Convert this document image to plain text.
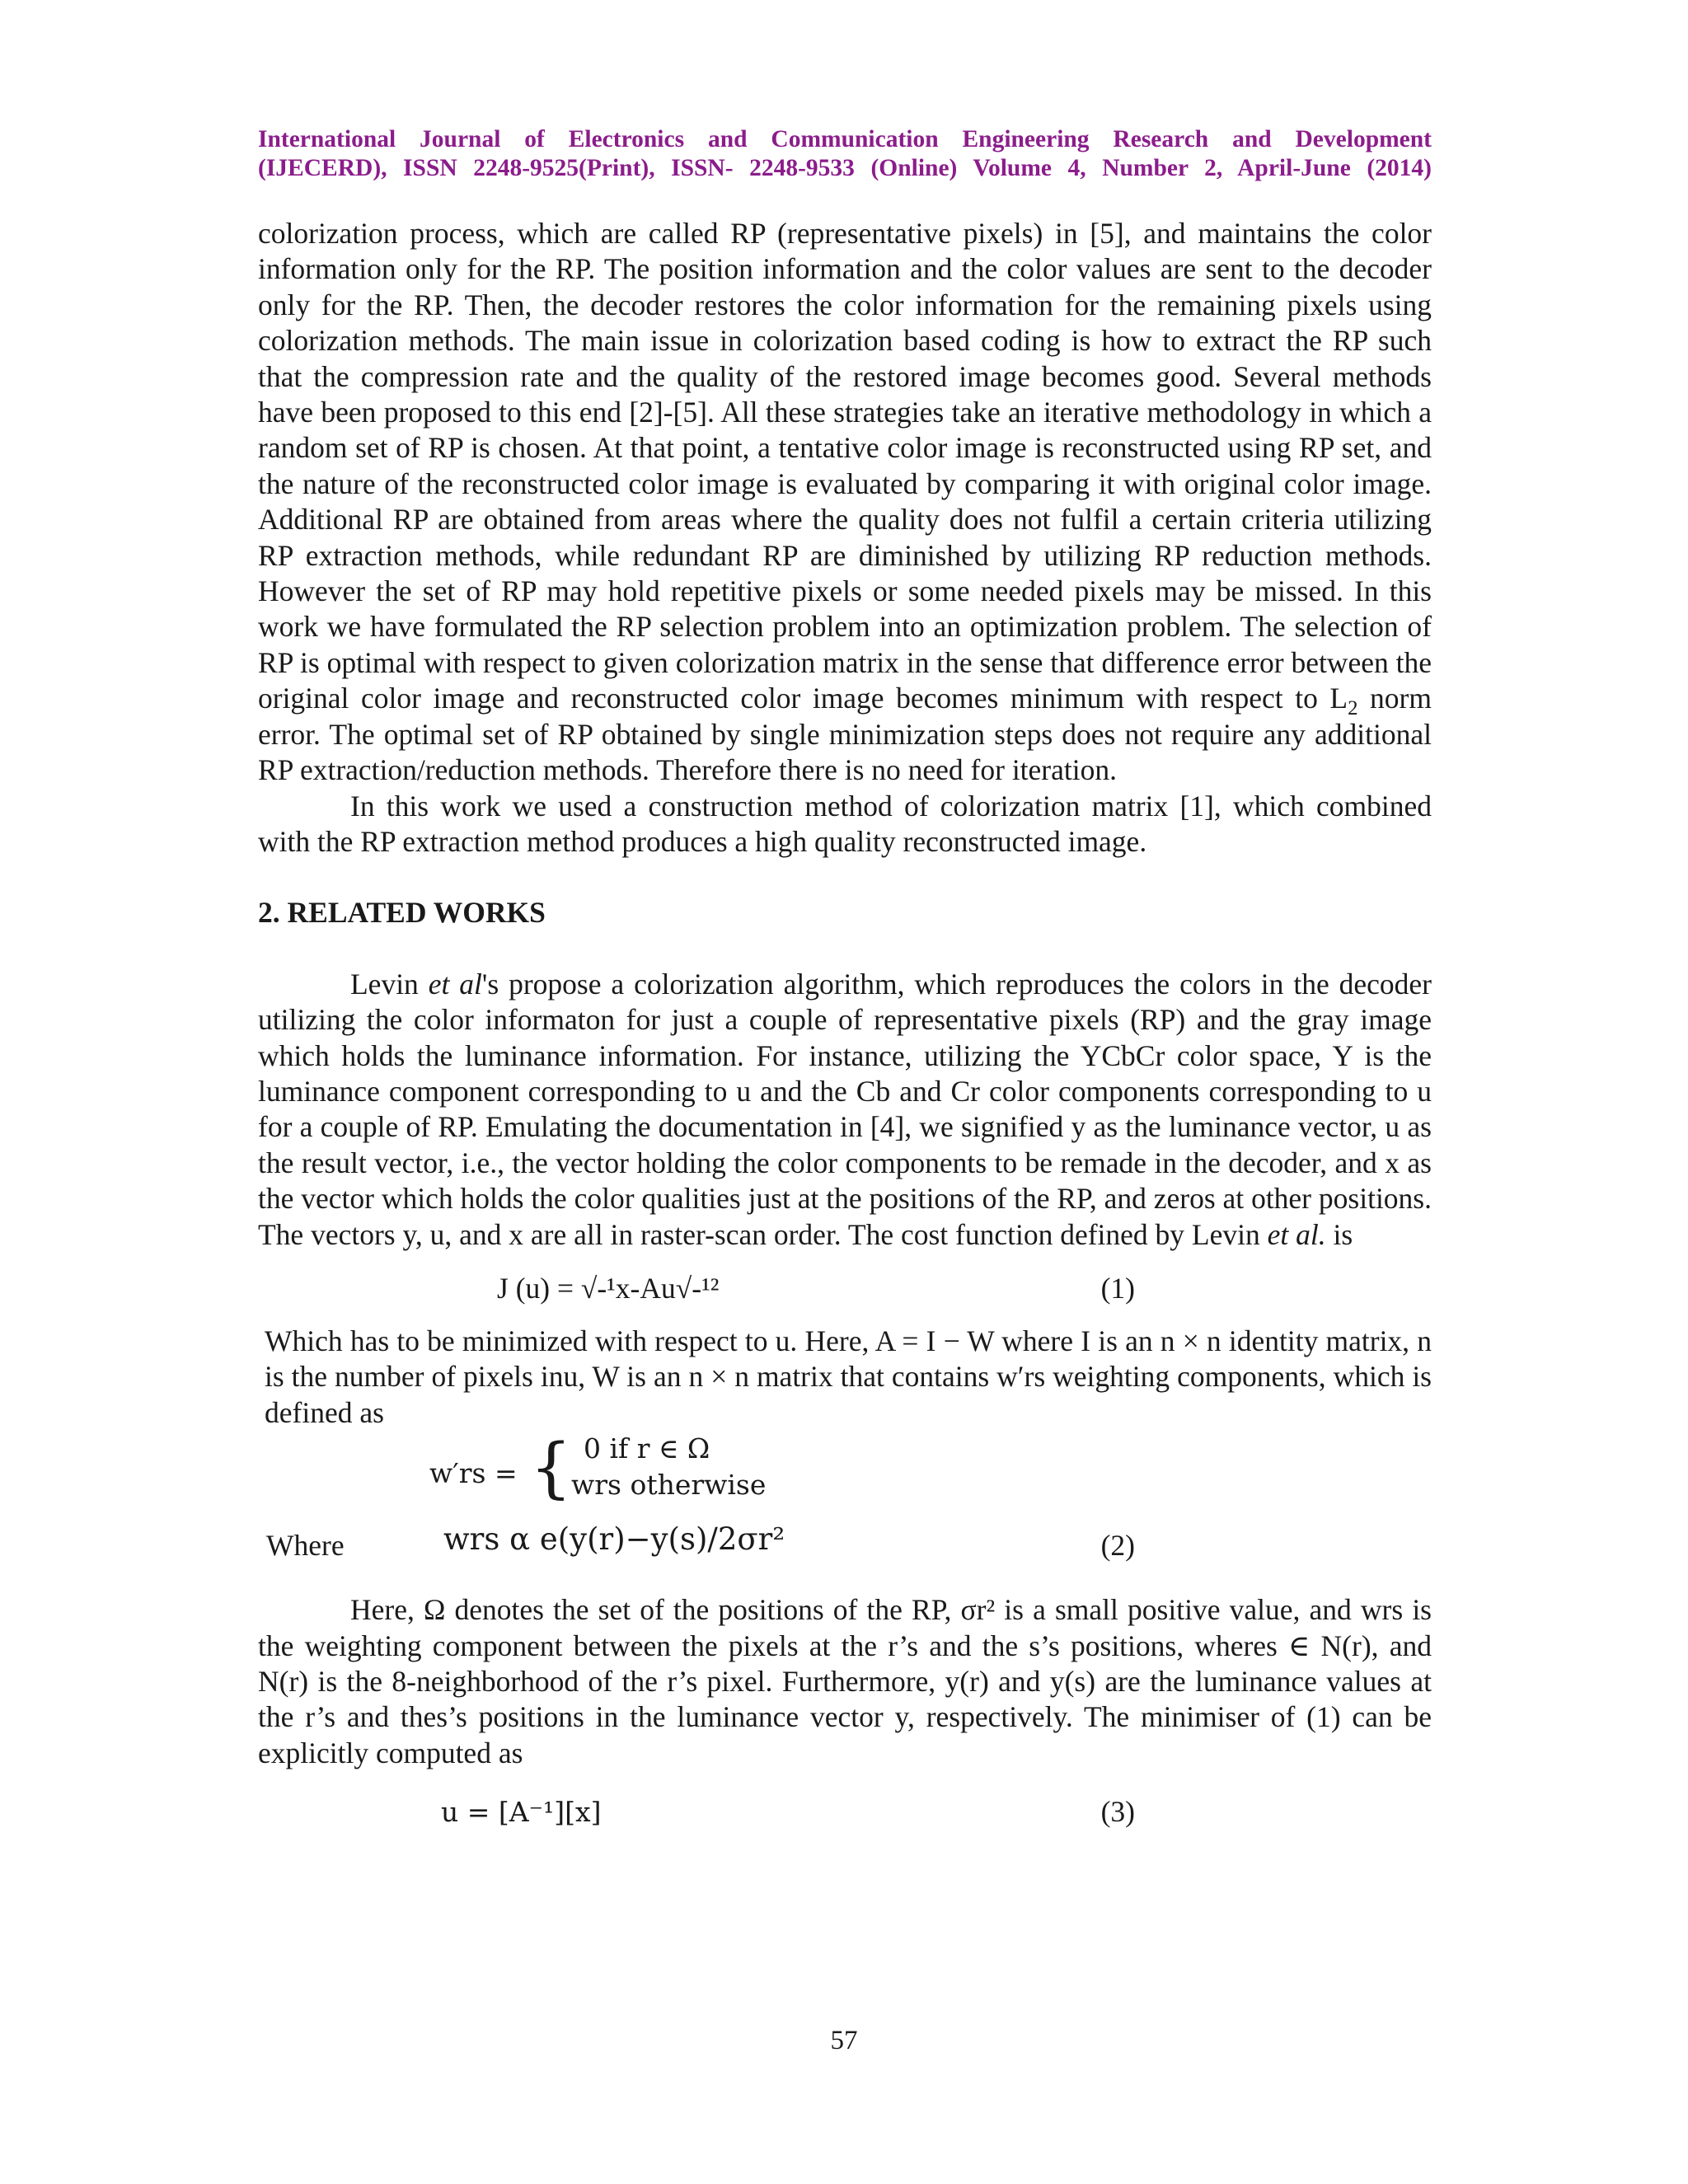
International Journal of Electronics and Communication Engineering Research and Development
(IJECERD), ISSN 2248-9525(Print), ISSN- 2248-9533 (Online) Volume 4, Number 2, April-June (2014)

colorization process, which are called RP (representative pixels) in [5], and maintains the color information only for the RP. The position information and the color values are sent to the decoder only for the RP. Then, the decoder restores the color information for the remaining pixels using colorization methods. The main issue in colorization based coding is how to extract the RP such that the compression rate and the quality of the restored image becomes good. Several methods have been proposed to this end [2]-[5]. All these strategies take an iterative methodology in which a random set of RP is chosen. At that point, a tentative color image is reconstructed using RP set, and the nature of the reconstructed color image is evaluated by comparing it with original color image. Additional RP are obtained from areas where the quality does not fulfil a certain criteria utilizing RP extraction methods, while redundant RP are diminished by utilizing RP reduction methods. However the set of RP may hold repetitive pixels or some needed pixels may be missed. In this work we have formulated the RP selection problem into an optimization problem. The selection of RP is optimal with respect to given colorization matrix in the sense that difference error between the original color image and reconstructed color image becomes minimum with respect to $L_2$ norm error. The optimal set of RP obtained by single minimization steps does not require any additional RP extraction/reduction methods. Therefore there is no need for iteration.

In this work we used a construction method of colorization matrix [1], which combined with the RP extraction method produces a high quality reconstructed image.

2. RELATED WORKS

Levin et al's propose a colorization algorithm, which reproduces the colors in the decoder utilizing the color informaton for just a couple of representative pixels (RP) and the gray image which holds the luminance information. For instance, utilizing the YCbCr color space, Y is the luminance component corresponding to u and the Cb and Cr color components corresponding to u for a couple of RP. Emulating the documentation in [4], we signified y as the luminance vector, u as the result vector, i.e., the vector holding the color components to be remade in the decoder, and x as the vector which holds the color qualities just at the positions of the RP, and zeros at other positions. The vectors y, u, and x are all in raster-scan order. The cost function defined by Levin et al. is

J (u) = √-¹x-Au√-¹²	(1)

Which has to be minimized with respect to u. Here, A = I − W where I is an n × n identity matrix, n is the number of pixels inu, W is an n × n matrix that contains w′rs weighting components, which is defined as

w′rs = { 0 if r ∈ Ω
wrs otherwise
Where	wrs α e(y(r)−y(s)/2σr²	(2)

Here, Ω denotes the set of the positions of the RP, σr² is a small positive value, and wrs is the weighting component between the pixels at the r’s and the s’s positions, wheres ∈ N(r), and N(r) is the 8-neighborhood of the r’s pixel. Furthermore, y(r) and y(s) are the luminance values at the r’s and thes’s positions in the luminance vector y, respectively. The minimiser of (1) can be explicitly computed as

u = [A⁻¹][x]	(3)
57
